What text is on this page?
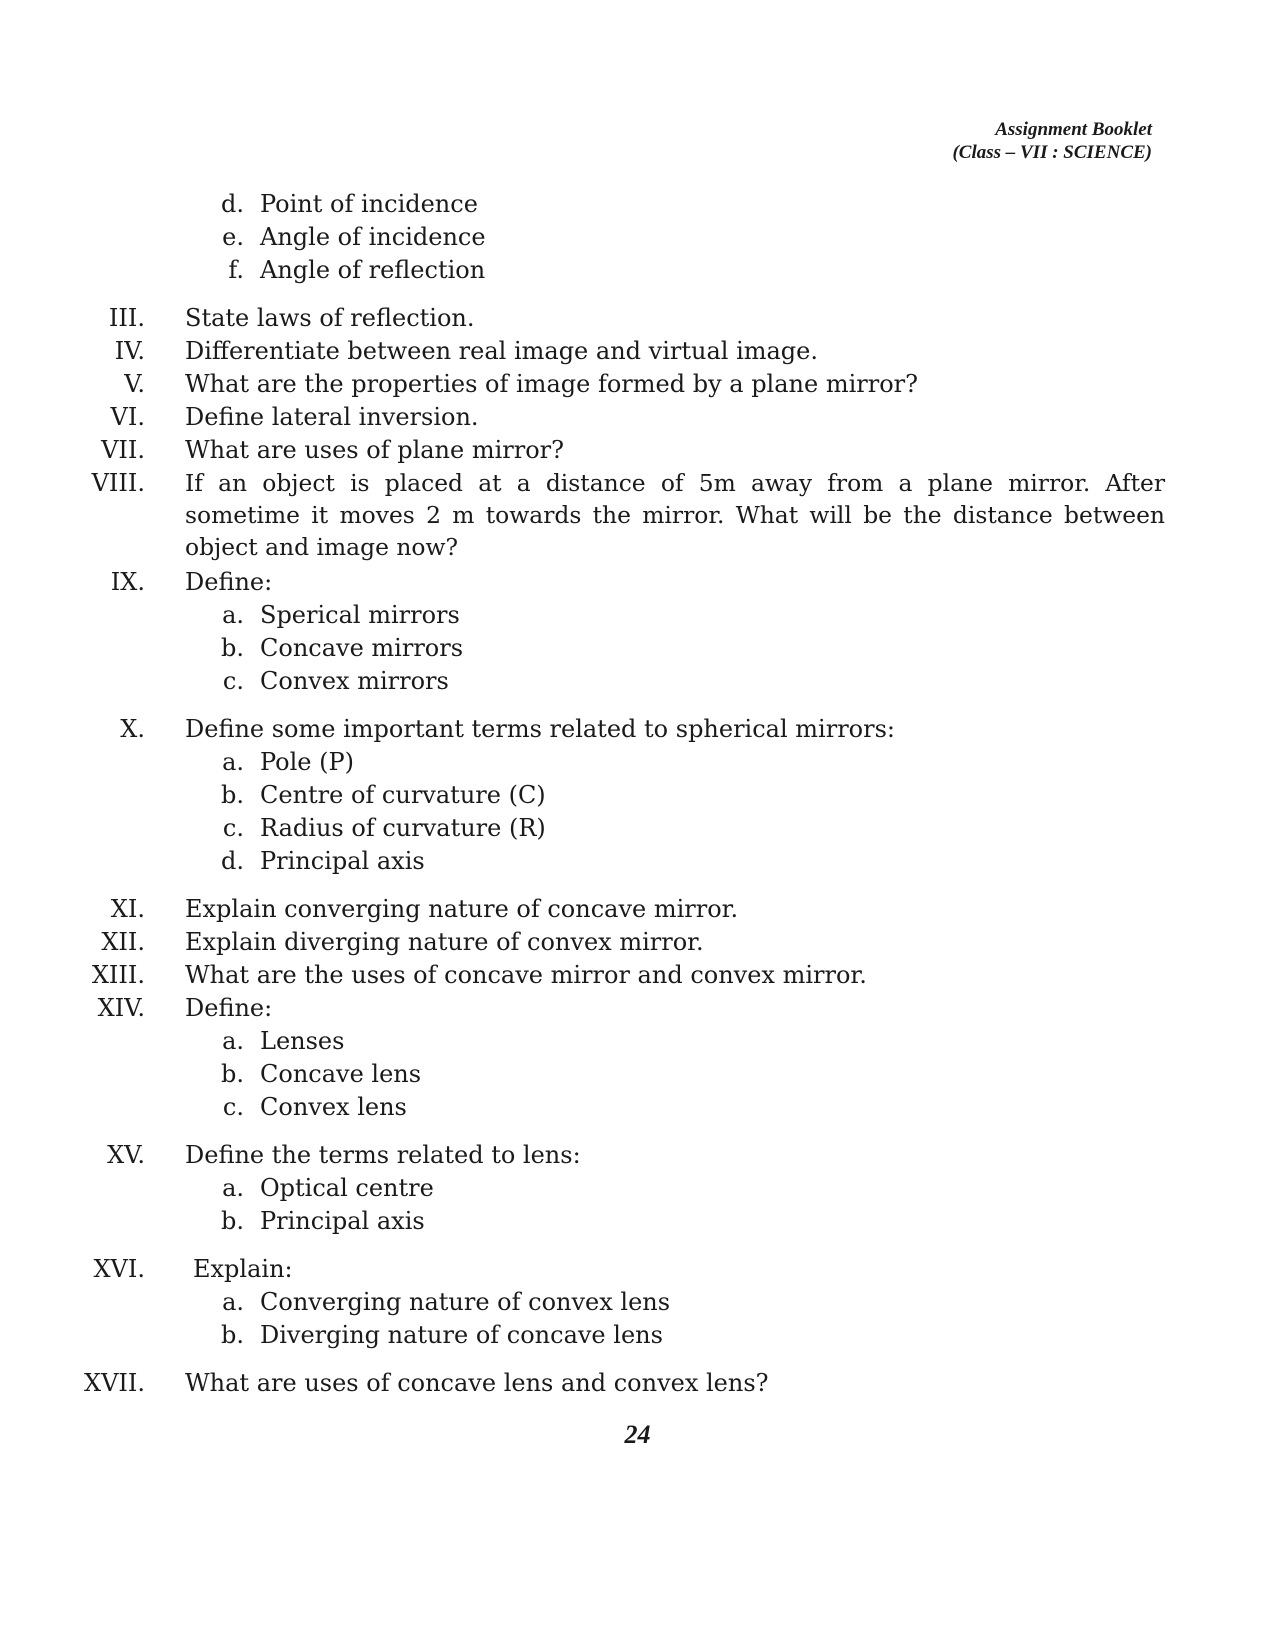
Assignment Booklet
(Class – VII : SCIENCE)
d. Point of incidence
e. Angle of incidence
f. Angle of reflection
III. State laws of reflection.
IV. Differentiate between real image and virtual image.
V. What are the properties of image formed by a plane mirror?
VI. Define lateral inversion.
VII. What are uses of plane mirror?
VIII. If an object is placed at a distance of 5m away from a plane mirror. After sometime it moves 2 m towards the mirror. What will be the distance between object and image now?
IX. Define:
a. Sperical mirrors
b. Concave mirrors
c. Convex mirrors
X. Define some important terms related to spherical mirrors:
a. Pole (P)
b. Centre of curvature (C)
c. Radius of curvature (R)
d. Principal axis
XI. Explain converging nature of concave mirror.
XII. Explain diverging nature of convex mirror.
XIII. What are the uses of concave mirror and convex mirror.
XIV. Define:
a. Lenses
b. Concave lens
c. Convex lens
XV. Define the terms related to lens:
a. Optical centre
b. Principal axis
XVI. Explain:
a. Converging nature of convex lens
b. Diverging nature of concave lens
XVII. What are uses of concave lens and convex lens?
24
